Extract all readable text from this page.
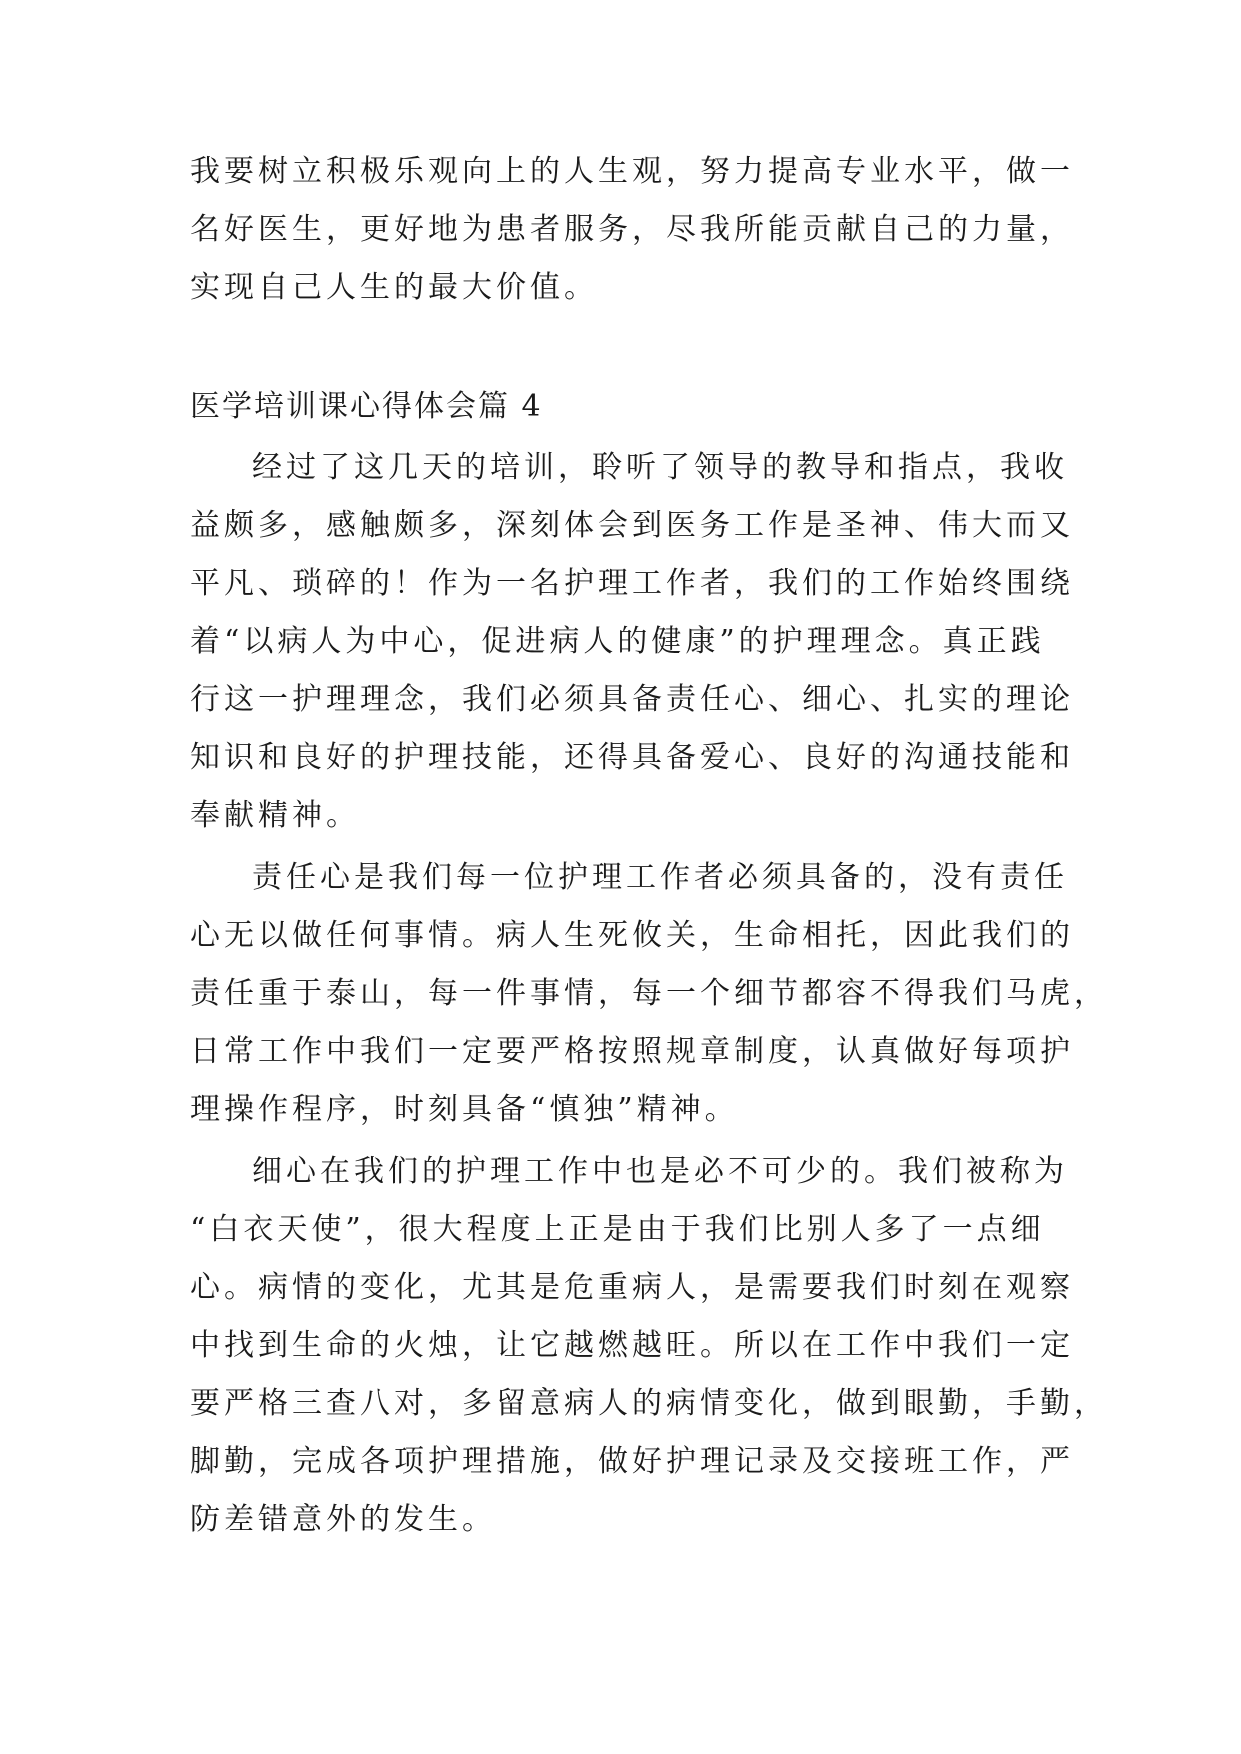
我要树立积极乐观向上的人生观，努力提高专业水平，做一
名好医生，更好地为患者服务，尽我所能贡献自己的力量，
实现自己人生的最大价值。
医学培训课心得体会篇 4
经过了这几天的培训，聆听了领导的教导和指点，我收
益颇多，感触颇多，深刻体会到医务工作是圣神、伟大而又
平凡、琐碎的！作为一名护理工作者，我们的工作始终围绕
着“以病人为中心，促进病人的健康”的护理理念。真正践
行这一护理理念，我们必须具备责任心、细心、扎实的理论
知识和良好的护理技能，还得具备爱心、良好的沟通技能和
奉献精神。
责任心是我们每一位护理工作者必须具备的，没有责任
心无以做任何事情。病人生死攸关，生命相托，因此我们的
责任重于泰山，每一件事情，每一个细节都容不得我们马虎，
日常工作中我们一定要严格按照规章制度，认真做好每项护
理操作程序，时刻具备“慎独”精神。
细心在我们的护理工作中也是必不可少的。我们被称为
“白衣天使”，很大程度上正是由于我们比别人多了一点细
心。病情的变化，尤其是危重病人，是需要我们时刻在观察
中找到生命的火烛，让它越燃越旺。所以在工作中我们一定
要严格三查八对，多留意病人的病情变化，做到眼勤，手勤，
脚勤，完成各项护理措施，做好护理记录及交接班工作，严
防差错意外的发生。
